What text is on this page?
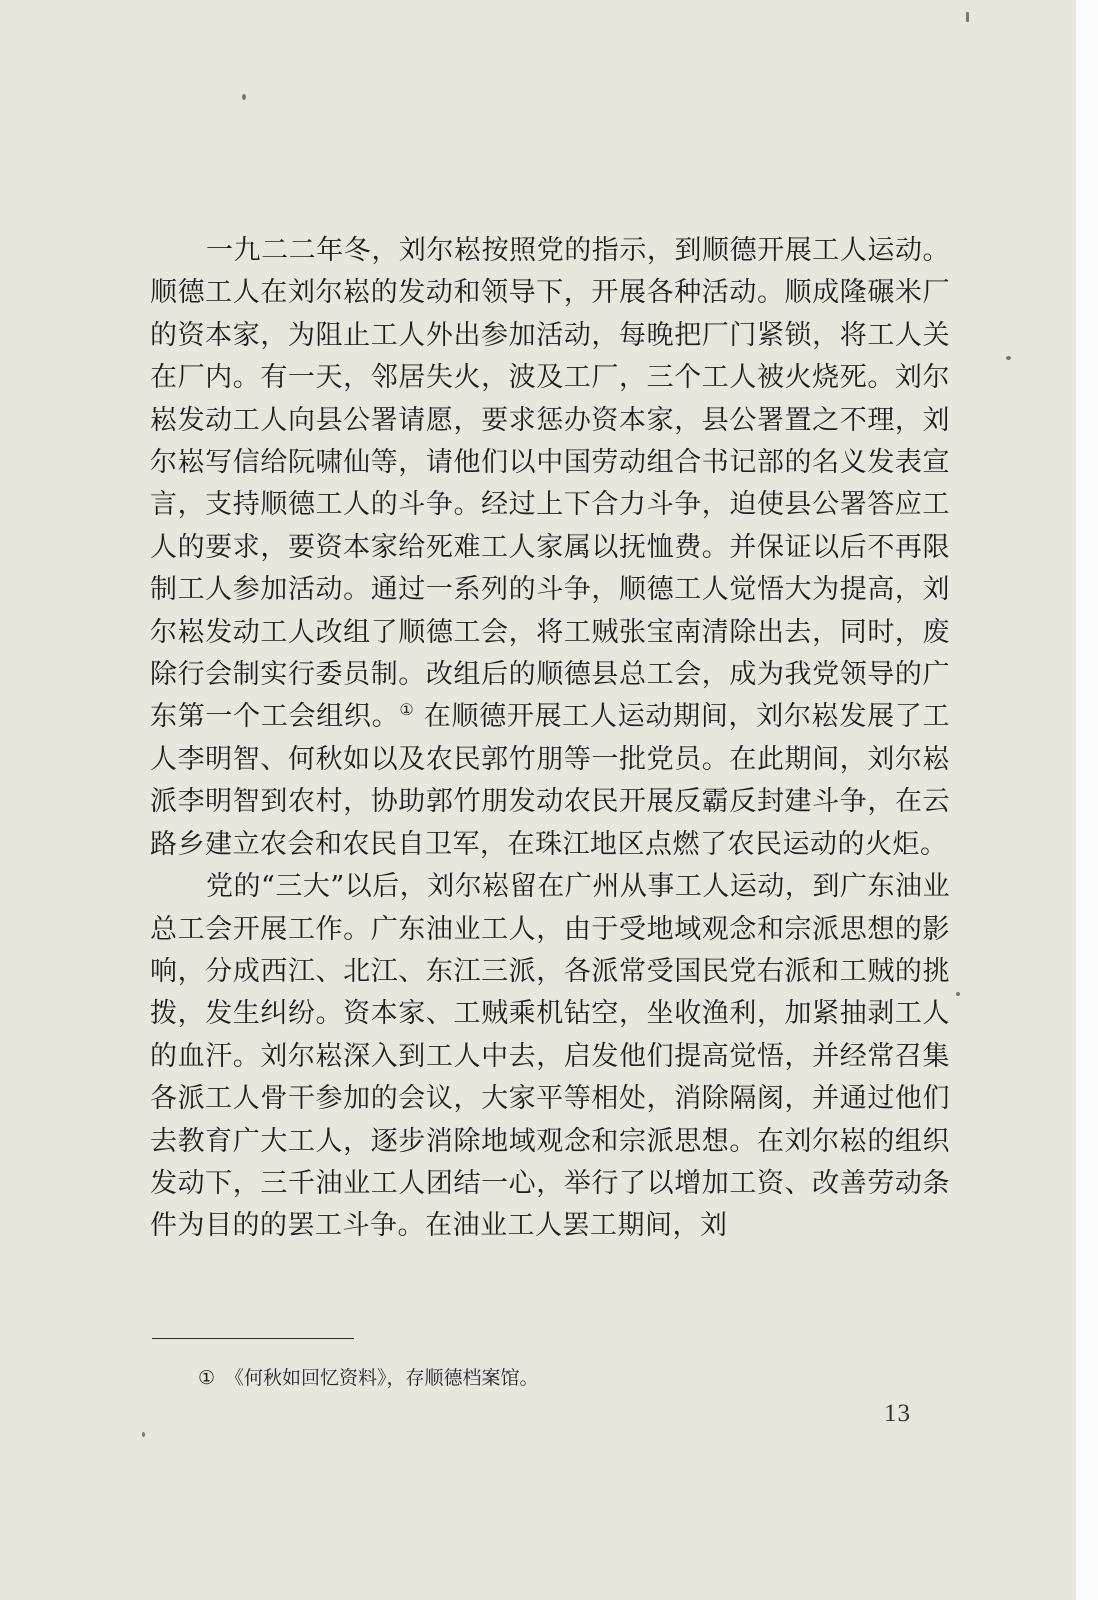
一九二二年冬，刘尔崧按照党的指示，到顺德开展工人运动。顺德工人在刘尔崧的发动和领导下，开展各种活动。顺成隆碾米厂的资本家，为阻止工人外出参加活动，每晚把厂门紧锁，将工人关在厂内。有一天，邻居失火，波及工厂，三个工人被火烧死。刘尔崧发动工人向县公署请愿，要求惩办资本家，县公署置之不理，刘尔崧写信给阮啸仙等，请他们以中国劳动组合书记部的名义发表宣言，支持顺德工人的斗争。经过上下合力斗争，迫使县公署答应工人的要求，要资本家给死难工人家属以抚恤费。并保证以后不再限制工人参加活动。通过一系列的斗争，顺德工人觉悟大为提高，刘尔崧发动工人改组了顺德工会，将工贼张宝南清除出去，同时，废除行会制实行委员制。改组后的顺德县总工会，成为我党领导的广东第一个工会组织。① 在顺德开展工人运动期间，刘尔崧发展了工人李明智、何秋如以及农民郭竹朋等一批党员。在此期间，刘尔崧派李明智到农村，协助郭竹朋发动农民开展反霸反封建斗争，在云路乡建立农会和农民自卫军，在珠江地区点燃了农民运动的火炬。

党的“三大”以后，刘尔崧留在广州从事工人运动，到广东油业总工会开展工作。广东油业工人，由于受地域观念和宗派思想的影响，分成西江、北江、东江三派，各派常受国民党右派和工贼的挑拨，发生纠纷。资本家、工贼乘机钻空，坐收渔利，加紧抽剥工人的血汗。刘尔崧深入到工人中去，启发他们提高觉悟，并经常召集各派工人骨干参加的会议，大家平等相处，消除隔阂，并通过他们去教育广大工人，逐步消除地域观念和宗派思想。在刘尔崧的组织发动下，三千油业工人团结一心，举行了以增加工资、改善劳动条件为目的的罢工斗争。在油业工人罢工期间，刘

① 《何秋如回忆资料》，存顺德档案馆。
13
